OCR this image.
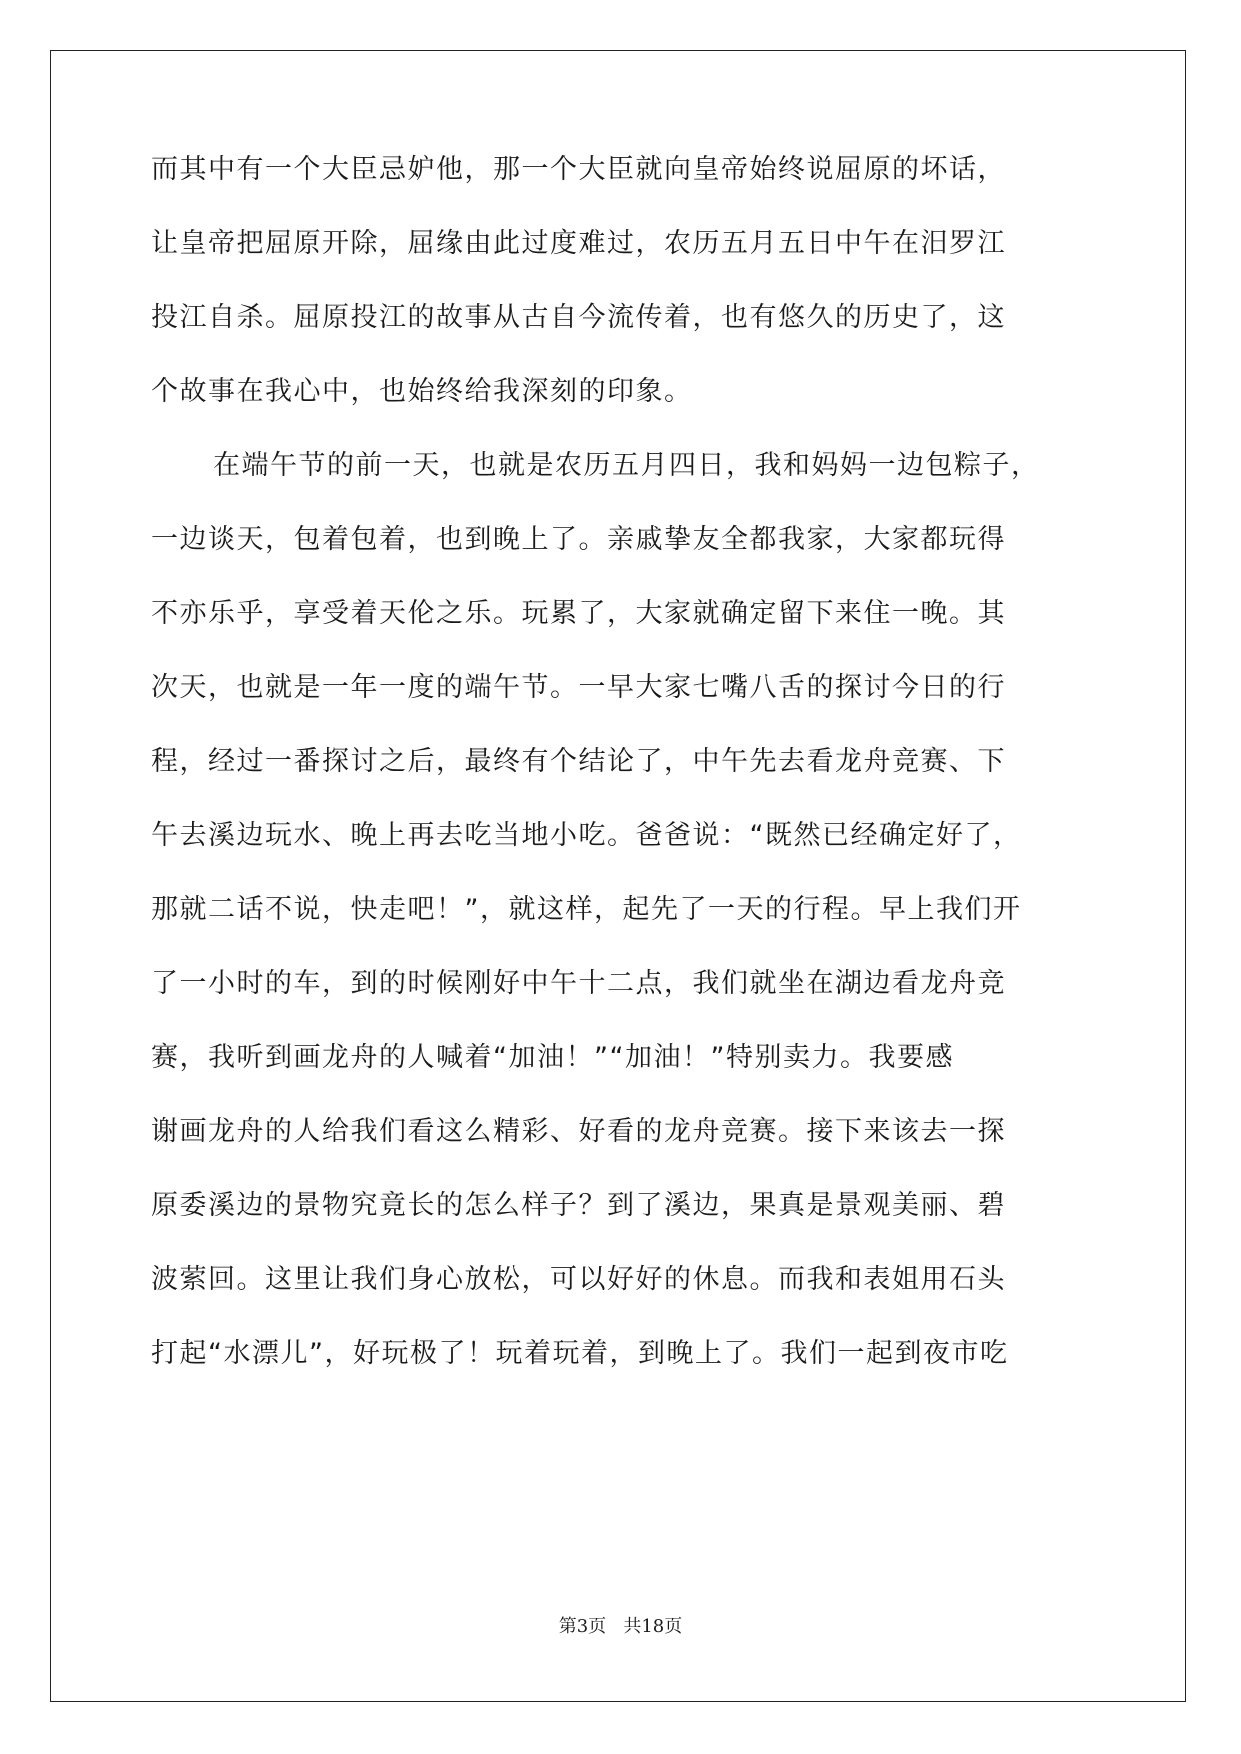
而其中有一个大臣忌妒他，那一个大臣就向皇帝始终说屈原的坏话，
让皇帝把屈原开除，屈缘由此过度难过，农历五月五日中午在汨罗江
投江自杀。屈原投江的故事从古自今流传着，也有悠久的历史了，这
个故事在我心中，也始终给我深刻的印象。
在端午节的前一天，也就是农历五月四日，我和妈妈一边包粽子，
一边谈天，包着包着，也到晚上了。亲戚挚友全都我家，大家都玩得
不亦乐乎，享受着天伦之乐。玩累了，大家就确定留下来住一晚。其
次天，也就是一年一度的端午节。一早大家七嘴八舌的探讨今日的行
程，经过一番探讨之后，最终有个结论了，中午先去看龙舟竞赛、下
午去溪边玩水、晚上再去吃当地小吃。爸爸说：“既然已经确定好了，
那就二话不说，快走吧！”，就这样，起先了一天的行程。早上我们开
了一小时的车，到的时候刚好中午十二点，我们就坐在湖边看龙舟竞
赛，我听到画龙舟的人喊着“加油！”“加油！”特别卖力。我要感
谢画龙舟的人给我们看这么精彩、好看的龙舟竞赛。接下来该去一探
原委溪边的景物究竟长的怎么样子？到了溪边，果真是景观美丽、碧
波萦回。这里让我们身心放松，可以好好的休息。而我和表姐用石头
打起“水漂儿”，好玩极了！玩着玩着，到晚上了。我们一起到夜市吃
第3页   共18页
